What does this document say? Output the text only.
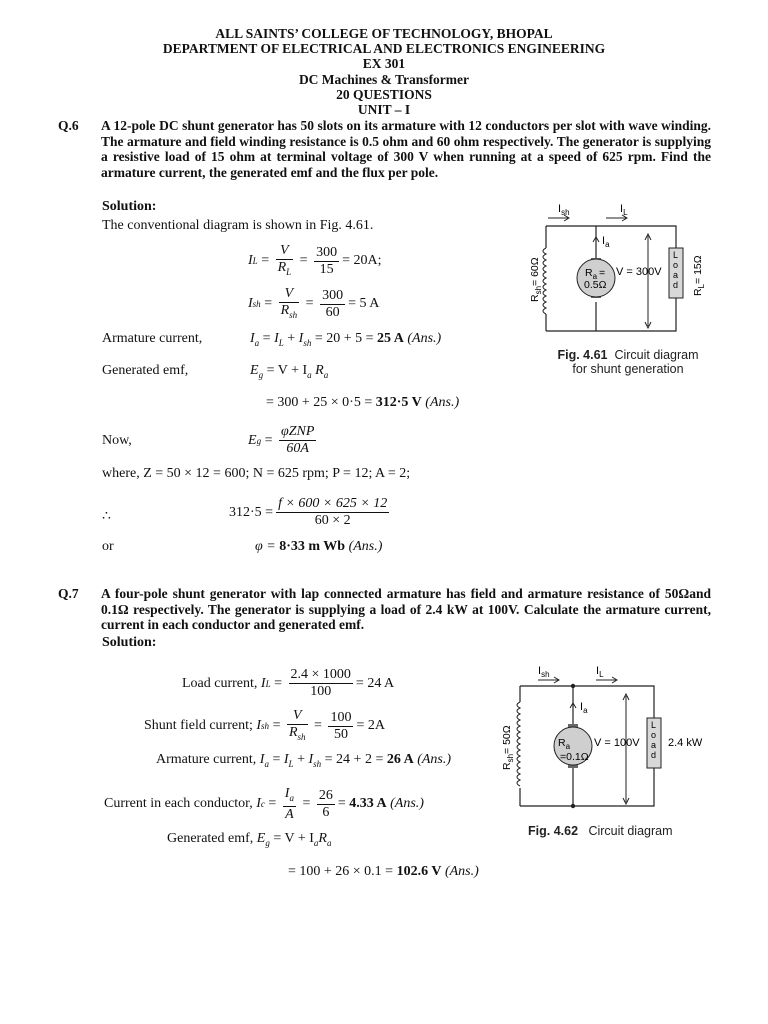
ALL SAINTS’ COLLEGE OF TECHNOLOGY, BHOPAL
DEPARTMENT OF ELECTRICAL AND ELECTRONICS ENGINEERING
EX 301
DC Machines & Transformer
20 QUESTIONS
UNIT – I
Q.6 A 12-pole DC shunt generator has 50 slots on its armature with 12 conductors per slot with wave winding. The armature and field winding resistance is 0.5 ohm and 60 ohm respectively. The generator is supplying a resistive load of 15 ohm at terminal voltage of 300 V when running at a speed of 625 rpm. Find the armature current, the generated emf and the flux per pole.
Solution:
The conventional diagram is shown in Fig. 4.61.
I $L = \frac{V}{R_L} = \frac{300}{15} = 20A$;
I sh = $\frac{V}{R_{sh}} = \frac{300}{60} = 5$ A
Armature current,	$I_a = I_L + I_{sh} = 20 + 5 = 25$ A (Ans.)
Generated emf,	$E_g = V + I_a$ $R_a$
= 300 + 25 × 0·5 = 312·5 V (Ans.)
Now,	E $g = \frac{\text{φZNP}}{60A}$
where, Z = 50 × 12 = 600; N = 625 rpm; P = 12; A = 2;
∴	$312\cdot 5 = \frac{f \times 600 \times 625 \times 12}{60 \times 2}$
or	φ = 8·33 m Wb (Ans.)
$I_{sh}$	$I_L$
$R_{sh}= 60\Omega$
$I_a$
$R_a$ =
0.5Ω
V = 300V
L o a d
$R_L= 15\Omega$
Fig. 4.61 Circuit diagram
for shunt generation
Q.7 A four-pole shunt generator with lap connected armature has field and armature resistance of 50Ωand 0.1Ω respectively. The generator is supplying a load of 2.4 kW at 100V. Calculate the armature current, current in each conductor and generated emf.
Solution:
Load current,
I $L = \frac{2.4 \times 1000}{100} = 24$ A
Shunt field current;
I sh = $\frac{V}{R_{sh}} = \frac{100}{50} = 2A$
Armature current, $I_a = I_L + I_{sh} = 24 + 2 = 26$ A (Ans.)
Current in each conductor,
I $c = \frac{I_a}{A} = \frac{26}{6} = 4.33$ A
(Ans.)
Generated emf, $E_g = V + I_aR_a$
= 100 + 26 × 0.1 = 102.6 V (Ans.)
$I_{sh}$	$I_L$
$R_{sh}= 50\Omega$
$I_a$
$R_a$
=0.1Ω
V = 100V
L o a d
2.4 kW
Fig. 4.62 Circuit diagram
